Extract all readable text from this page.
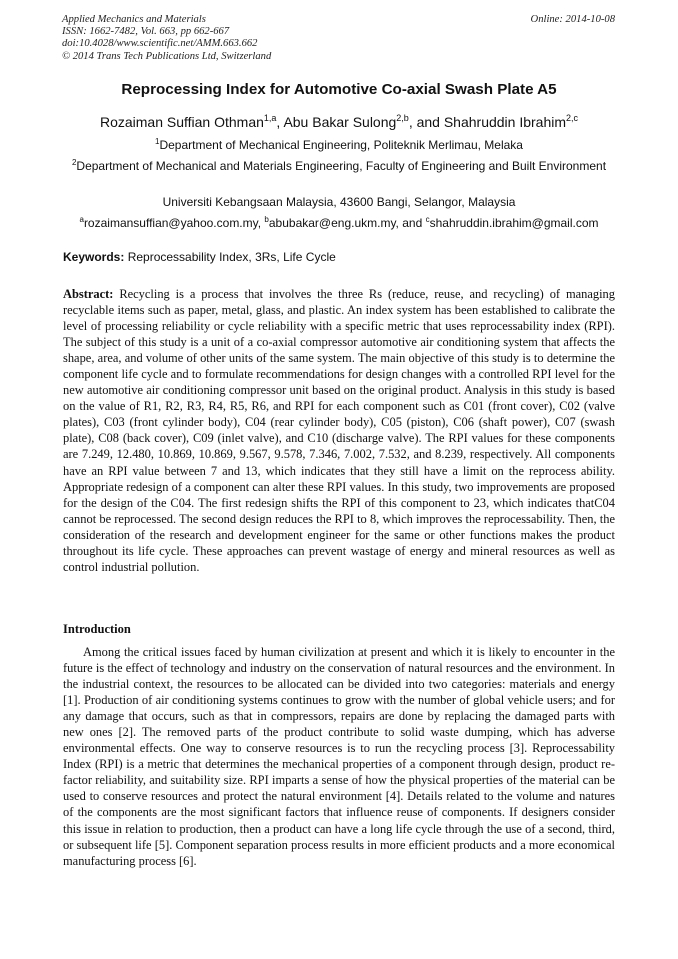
Applied Mechanics and Materials
ISSN: 1662-7482, Vol. 663, pp 662-667
doi:10.4028/www.scientific.net/AMM.663.662
© 2014 Trans Tech Publications Ltd, Switzerland
Online: 2014-10-08
Reprocessing Index for Automotive Co-axial Swash Plate A5
Rozaiman Suffian Othman$^{1,a}$, Abu Bakar Sulong$^{2,b}$, and Shahruddin Ibrahim$^{2,c}$
$^1$Department of Mechanical Engineering, Politeknik Merlimau, Melaka
$^2$Department of Mechanical and Materials Engineering, Faculty of Engineering and Built Environment
Universiti Kebangsaan Malaysia, 43600 Bangi, Selangor, Malaysia
$^a$rozaimansuffian@yahoo.com.my, $^b$abubakar@eng.ukm.my, and $^c$shahruddin.ibrahim@gmail.com
Keywords: Reprocessability Index, 3Rs, Life Cycle
Abstract: Recycling is a process that involves the three Rs (reduce, reuse, and recycling) of managing recyclable items such as paper, metal, glass, and plastic. An index system has been established to calibrate the level of processing reliability or cycle reliability with a specific metric that uses reprocessability index (RPI). The subject of this study is a unit of a co-axial compressor automotive air conditioning system that affects the shape, area, and volume of other units of the same system. The main objective of this study is to determine the component life cycle and to formulate recommendations for design changes with a controlled RPI level for the new automotive air conditioning compressor unit based on the original product. Analysis in this study is based on the value of R1, R2, R3, R4, R5, R6, and RPI for each component such as C01 (front cover), C02 (valve plates), C03 (front cylinder body), C04 (rear cylinder body), C05 (piston), C06 (shaft power), C07 (swash plate), C08 (back cover), C09 (inlet valve), and C10 (discharge valve). The RPI values for these components are 7.249, 12.480, 10.869, 10.869, 9.567, 9.578, 7.346, 7.002, 7.532, and 8.239, respectively. All components have an RPI value between 7 and 13, which indicates that they still have a limit on the reprocess ability. Appropriate redesign of a component can alter these RPI values. In this study, two improvements are proposed for the design of the C04. The first redesign shifts the RPI of this component to 23, which indicates thatC04 cannot be reprocessed. The second design reduces the RPI to 8, which improves the reprocessability. Then, the consideration of the research and development engineer for the same or other functions makes the product throughout its life cycle. These approaches can prevent wastage of energy and mineral resources as well as control industrial pollution.
Introduction
Among the critical issues faced by human civilization at present and which it is likely to encounter in the future is the effect of technology and industry on the conservation of natural resources and the environment. In the industrial context, the resources to be allocated can be divided into two categories: materials and energy [1]. Production of air conditioning systems continues to grow with the number of global vehicle users; and for any damage that occurs, such as that in compressors, repairs are done by replacing the damaged parts with new ones [2]. The removed parts of the product contribute to solid waste dumping, which has adverse environmental effects. One way to conserve resources is to run the recycling process [3]. Reprocessability Index (RPI) is a metric that determines the mechanical properties of a component through design, product re-factor reliability, and suitability size. RPI imparts a sense of how the physical properties of the material can be used to conserve resources and protect the natural environment [4]. Details related to the volume and natures of the components are the most significant factors that influence reuse of components. If designers consider this issue in relation to production, then a product can have a long life cycle through the use of a second, third, or subsequent life [5]. Component separation process results in more efficient products and a more economical manufacturing process [6].
